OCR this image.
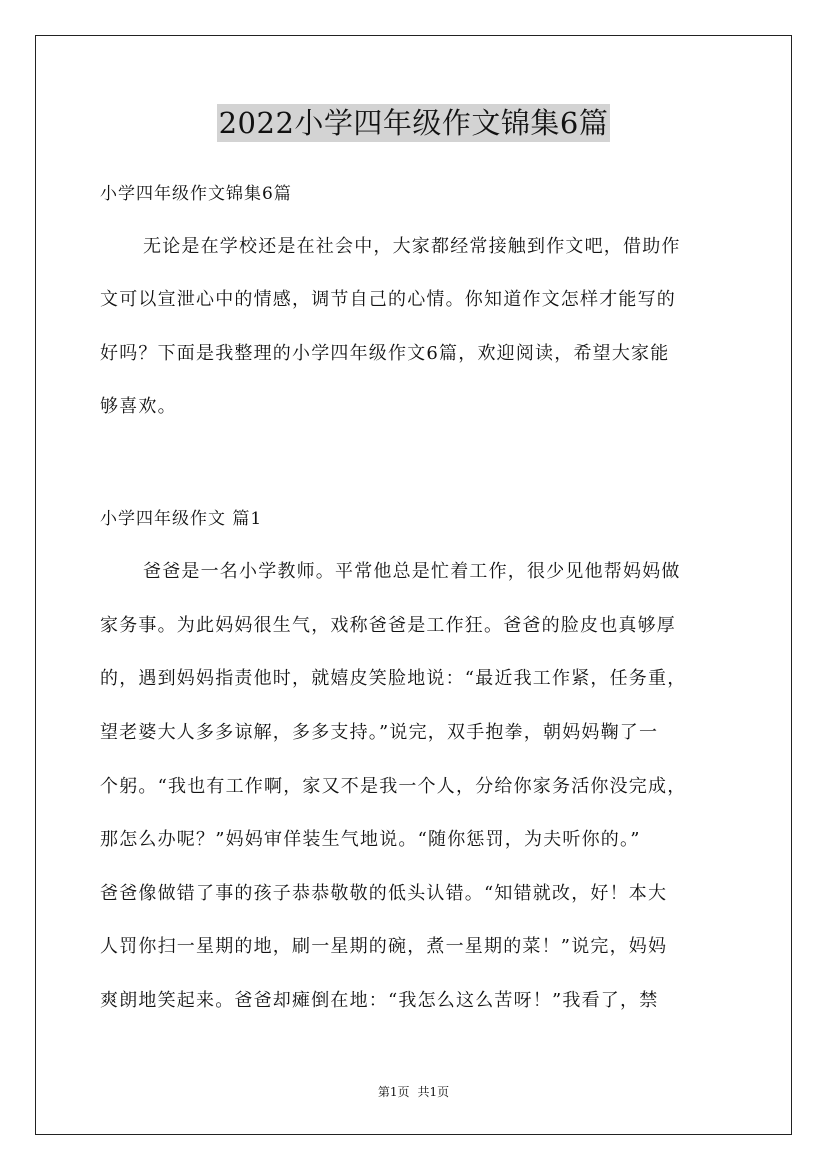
2022小学四年级作文锦集6篇
小学四年级作文锦集6篇
无论是在学校还是在社会中，大家都经常接触到作文吧，借助作
文可以宣泄心中的情感，调节自己的心情。你知道作文怎样才能写的
好吗？下面是我整理的小学四年级作文6篇，欢迎阅读，希望大家能
够喜欢。
小学四年级作文 篇1
爸爸是一名小学教师。平常他总是忙着工作，很少见他帮妈妈做
家务事。为此妈妈很生气，戏称爸爸是工作狂。爸爸的脸皮也真够厚
的，遇到妈妈指责他时，就嬉皮笑脸地说：“最近我工作紧，任务重，
望老婆大人多多谅解，多多支持。”说完，双手抱拳，朝妈妈鞠了一
个躬。“我也有工作啊，家又不是我一个人，分给你家务活你没完成，
那怎么办呢？”妈妈审佯装生气地说。“随你惩罚，为夫听你的。”
爸爸像做错了事的孩子恭恭敬敬的低头认错。“知错就改，好！本大
人罚你扫一星期的地，刷一星期的碗，煮一星期的菜！”说完，妈妈
爽朗地笑起来。爸爸却瘫倒在地：“我怎么这么苦呀！”我看了，禁
第1页 共1页
